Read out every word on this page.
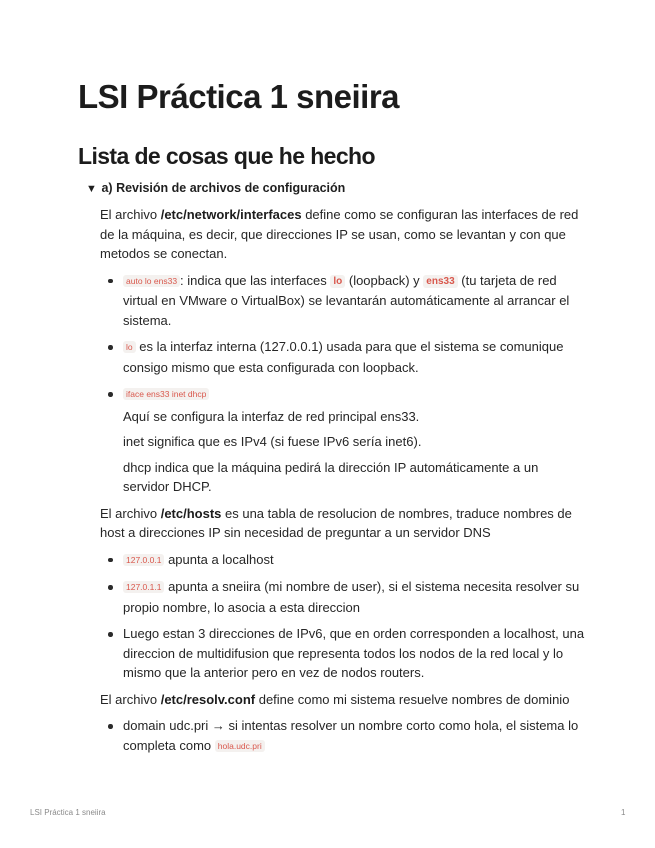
LSI Práctica 1 sneiira
Lista de cosas que he hecho
▼ a) Revisión de archivos de configuración

El archivo /etc/network/interfaces define como se configuran las interfaces de red de la máquina, es decir, que direcciones IP se usan, como se levantan y con que metodos se conectan.

auto lo ens33 : indica que las interfaces lo (loopback) y ens33 (tu tarjeta de red virtual en VMware o VirtualBox) se levantarán automáticamente al arrancar el sistema.
lo es la interfaz interna (127.0.0.1) usada para que el sistema se comunique consigo mismo que esta configurada con loopback.
iface ens33 inet dhcp
Aquí se configura la interfaz de red principal ens33.
inet significa que es IPv4 (si fuese IPv6 sería inet6).
dhcp indica que la máquina pedirá la dirección IP automáticamente a un servidor DHCP.

El archivo /etc/hosts es una tabla de resolucion de nombres, traduce nombres de host a direcciones IP sin necesidad de preguntar a un servidor DNS

127.0.0.1 apunta a localhost
127.0.1.1 apunta a sneiira (mi nombre de user), si el sistema necesita resolver su propio nombre, lo asocia a esta direccion
Luego estan 3 direcciones de IPv6, que en orden corresponden a localhost, una direccion de multidifusion que representa todos los nodos de la red local y lo mismo que la anterior pero en vez de nodos routers.

El archivo /etc/resolv.conf define como mi sistema resuelve nombres de dominio

domain udc.pri → si intentas resolver un nombre corto como hola, el sistema lo completa como hola.udc.pri
LSI Práctica 1 sneiira	1
